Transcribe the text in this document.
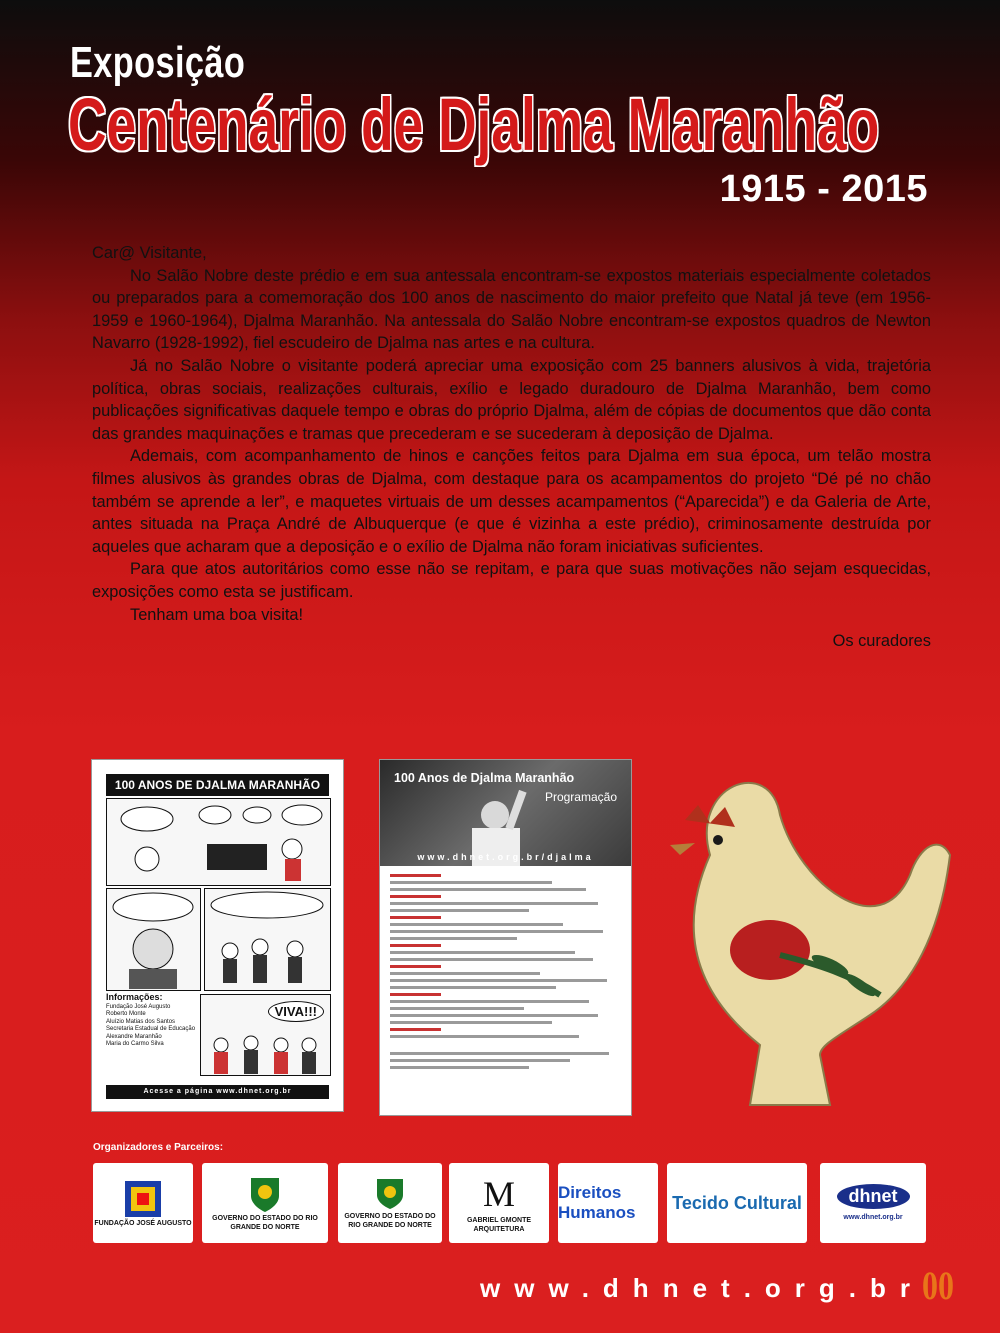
Exposição
Centenário de Djalma Maranhão
1915 - 2015

Car@ Visitante,

No Salão Nobre deste prédio e em sua antessala encontram-se expostos materiais especialmente coletados ou preparados para a comemoração dos 100 anos de nascimento do maior prefeito que Natal já teve (em 1956-1959 e 1960-1964), Djalma Maranhão. Na antessala do Salão Nobre encontram-se expostos quadros de Newton Navarro (1928-1992), fiel escudeiro de Djalma nas artes e na cultura.

Já no Salão Nobre o visitante poderá apreciar uma exposição com 25 banners alusivos à vida, trajetória política, obras sociais, realizações culturais, exílio e legado duradouro de Djalma Maranhão, bem como publicações significativas daquele tempo e obras do próprio Djalma, além de cópias de documentos que dão conta das grandes maquinações e tramas que precederam e se sucederam à deposição de Djalma.

Ademais, com acompanhamento de hinos e canções feitos para Djalma em sua época, um telão mostra filmes alusivos às grandes obras de Djalma, com destaque para os acampamentos do projeto “Dé pé no chão também se aprende a ler”, e maquetes virtuais de um desses acampamentos (“Aparecida”) e da Galeria de Arte, antes situada na Praça André de Albuquerque (e que é vizinha a este prédio), criminosamente destruída por aqueles que acharam que a deposição e o exílio de Djalma não foram iniciativas suficientes.

Para que atos autoritários como esse não se repitam, e para que suas motivações não sejam esquecidas, exposições como esta se justificam.

Tenham uma boa visita!

Os curadores

100 ANOS DE DJALMA MARANHÃO
Informações:
Fundação José Augusto
Roberto Monte
Aluízio Matias dos Santos
Secretaria Estadual de Educação
Alexandre Maranhão
Maria do Carmo Silva
VIVA!!!
Acesse a página www.dhnet.org.br
100 Anos de Djalma Maranhão
Programação
www.dhnet.org.br/djalma
Organizadores e Parceiros:
FUNDAÇÃO JOSÉ AUGUSTO
GOVERNO DO ESTADO DO RIO GRANDE DO NORTE
GOVERNO DO ESTADO DO RIO GRANDE DO NORTE
M
GABRIEL GMONTE ARQUITETURA
Direitos Humanos	Tecido Cultural	dhnet
www.dhnet.org.br
www.dhnet.org.br
00
